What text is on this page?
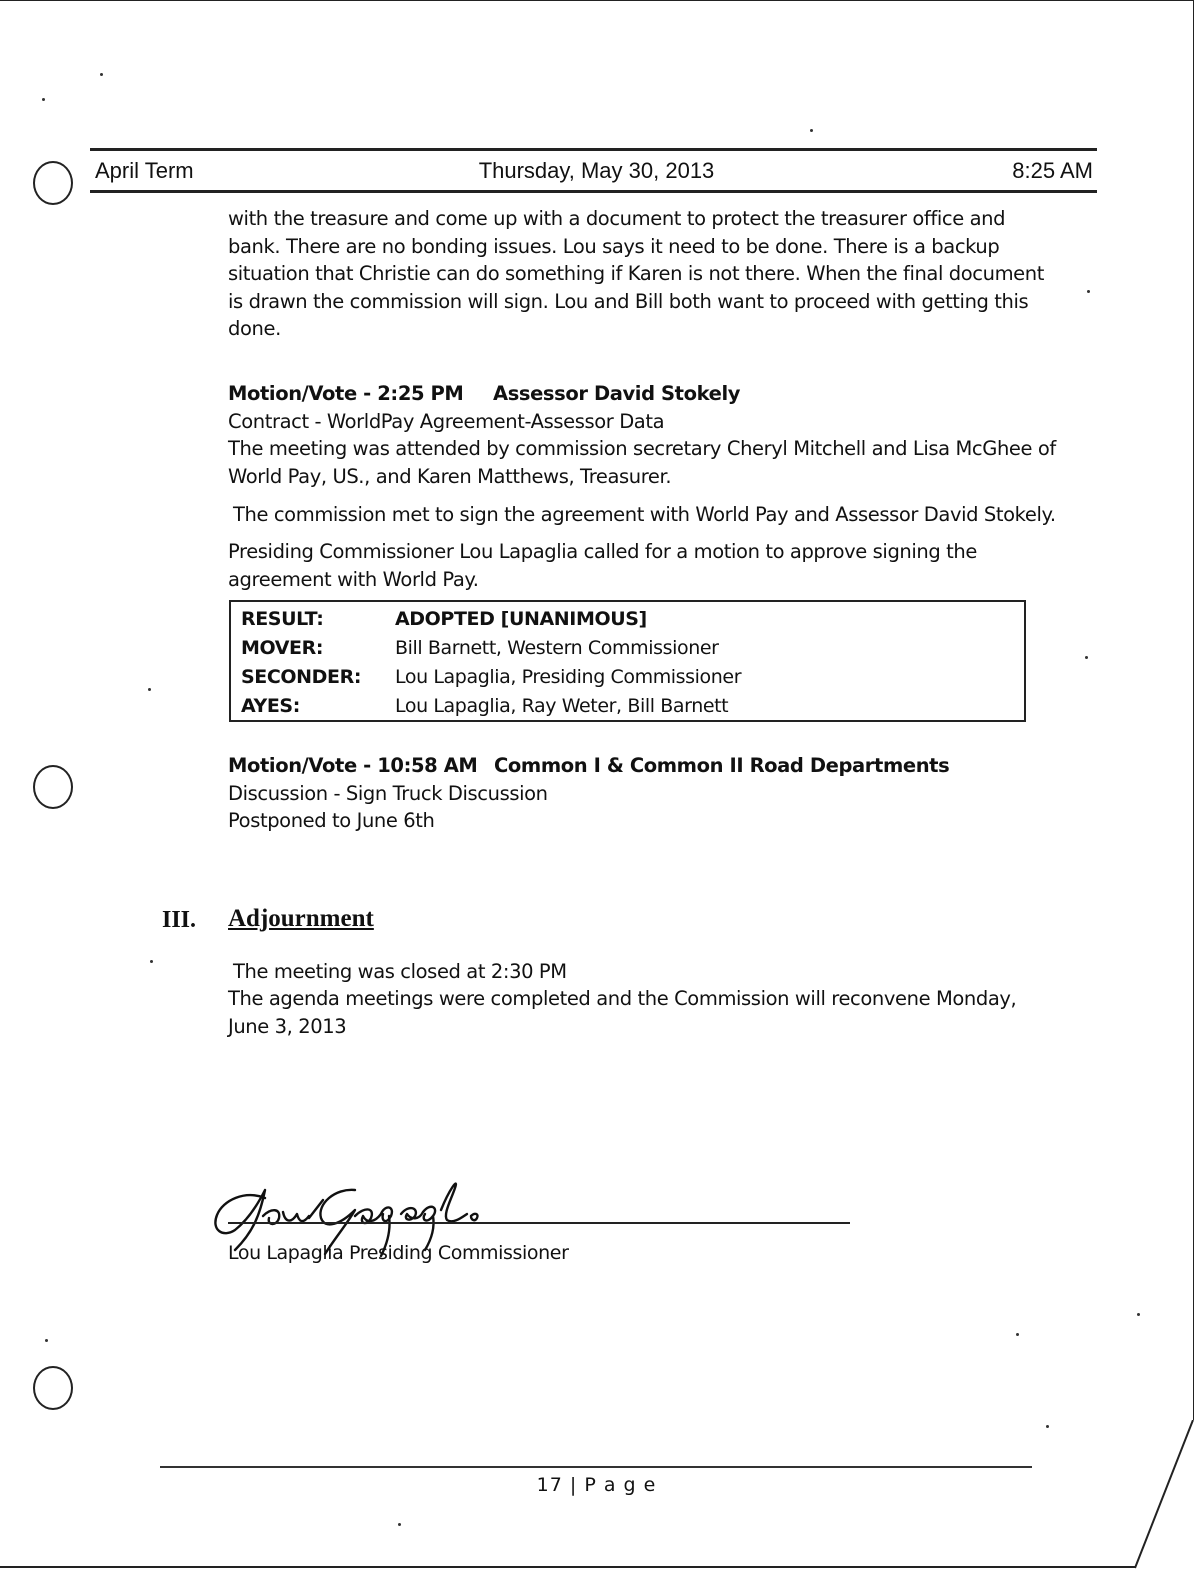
April Term	Thursday, May 30, 2013	8:25 AM
with the treasure and come up with a document to protect the treasurer office and
bank. There are no bonding issues. Lou says it need to be done. There is a backup
situation that Christie can do something if Karen is not there. When the final document
is drawn the commission will sign. Lou and Bill both want to proceed with getting this
done.
Motion/Vote - 2:25 PM Assessor David Stokely
Contract - WorldPay Agreement-Assessor Data
The meeting was attended by commission secretary Cheryl Mitchell and Lisa McGhee of
World Pay, US., and Karen Matthews, Treasurer.
The commission met to sign the agreement with World Pay and Assessor David Stokely.
Presiding Commissioner Lou Lapaglia called for a motion to approve signing the
agreement with World Pay.
RESULT:	ADOPTED [UNANIMOUS]
MOVER:	Bill Barnett, Western Commissioner
SECONDER: Lou Lapaglia, Presiding Commissioner
AYES:	Lou Lapaglia, Ray Weter, Bill Barnett
Motion/Vote - 10:58 AM Common I & Common II Road Departments
Discussion - Sign Truck Discussion
Postponed to June 6th
III. Adjournment
The meeting was closed at 2:30 PM
The agenda meetings were completed and the Commission will reconvene Monday,
June 3, 2013
Lou Lapaglia Presiding Commissioner
17 | P a g e
